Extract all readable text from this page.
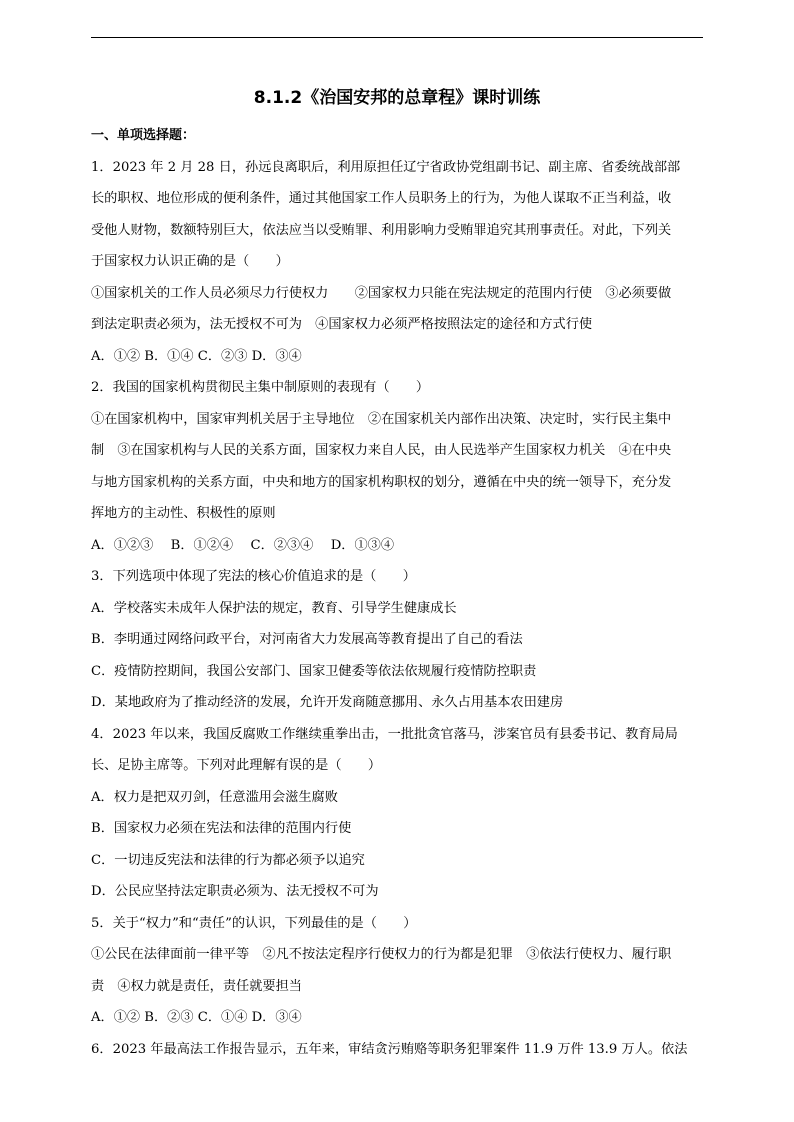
8.1.2《治国安邦的总章程》课时训练
一、单项选择题：
1．2023 年 2 月 28 日，孙远良离职后，利用原担任辽宁省政协党组副书记、副主席、省委统战部部
长的职权、地位形成的便利条件，通过其他国家工作人员职务上的行为，为他人谋取不正当利益，收
受他人财物，数额特别巨大，依法应当以受贿罪、利用影响力受贿罪追究其刑事责任。对此，下列关
于国家权力认识正确的是（　　）
①国家机关的工作人员必须尽力行使权力　　②国家权力只能在宪法规定的范围内行使　③必须要做
到法定职责必须为，法无授权不可为　④国家权力必须严格按照法定的途径和方式行使
A．①② B．①④ C．②③ D．③④
2．我国的国家机构贯彻民主集中制原则的表现有（　　）
①在国家机构中，国家审判机关居于主导地位　②在国家机关内部作出决策、决定时，实行民主集中
制　③在国家机构与人民的关系方面，国家权力来自人民，由人民选举产生国家权力机关　④在中央
与地方国家机构的关系方面，中央和地方的国家机构职权的划分，遵循在中央的统一领导下，充分发
挥地方的主动性、积极性的原则
A．①②③　 B．①②④　 C．②③④　 D．①③④
3．下列选项中体现了宪法的核心价值追求的是（　　）
A．学校落实未成年人保护法的规定，教育、引导学生健康成长
B．李明通过网络问政平台，对河南省大力发展高等教育提出了自己的看法
C．疫情防控期间，我国公安部门、国家卫健委等依法依规履行疫情防控职责
D．某地政府为了推动经济的发展，允许开发商随意挪用、永久占用基本农田建房
4．2023 年以来，我国反腐败工作继续重拳出击，一批批贪官落马，涉案官员有县委书记、教育局局
长、足协主席等。下列对此理解有误的是（　　）
A．权力是把双刃剑，任意滥用会滋生腐败
B．国家权力必须在宪法和法律的范围内行使
C．一切违反宪法和法律的行为都必须予以追究
D．公民应坚持法定职责必须为、法无授权不可为
5．关于“权力”和“责任”的认识，下列最佳的是（　　）
①公民在法律面前一律平等　②凡不按法定程序行使权力的行为都是犯罪　③依法行使权力、履行职
责　④权力就是责任，责任就要担当
A．①② B．②③ C．①④ D．③④
6．2023 年最高法工作报告显示，五年来，审结贪污贿赂等职务犯罪案件 11.9 万件 13.9 万人。依法
